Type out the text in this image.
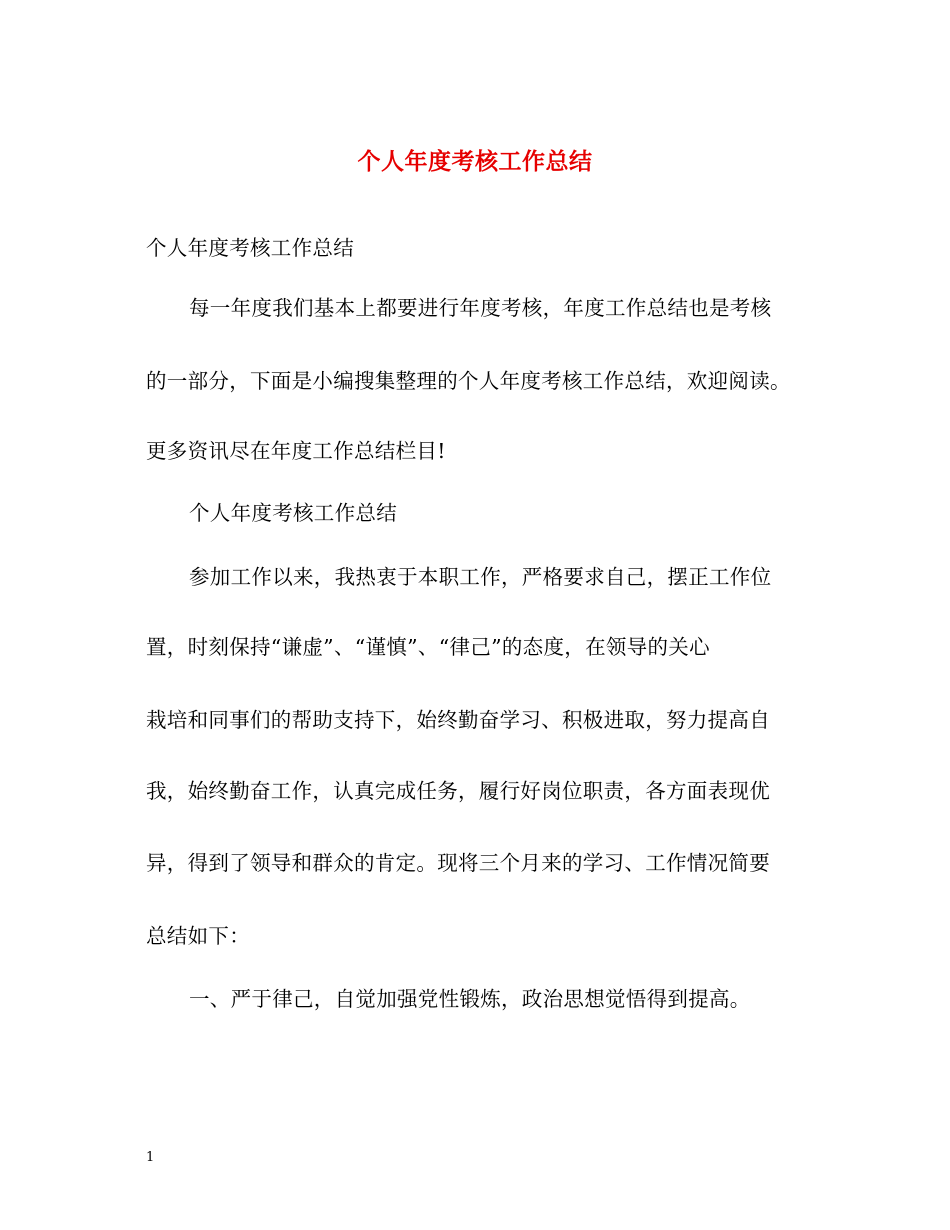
个人年度考核工作总结
个人年度考核工作总结
每一年度我们基本上都要进行年度考核，年度工作总结也是考核
的一部分，下面是小编搜集整理的个人年度考核工作总结，欢迎阅读。
更多资讯尽在年度工作总结栏目!
个人年度考核工作总结
参加工作以来，我热衷于本职工作，严格要求自己，摆正工作位
置，时刻保持“谦虚”、“谨慎”、“律己”的态度，在领导的关心
栽培和同事们的帮助支持下，始终勤奋学习、积极进取，努力提高自
我，始终勤奋工作，认真完成任务，履行好岗位职责，各方面表现优
异，得到了领导和群众的肯定。现将三个月来的学习、工作情况简要
总结如下：
一、严于律己，自觉加强党性锻炼，政治思想觉悟得到提高。
1
